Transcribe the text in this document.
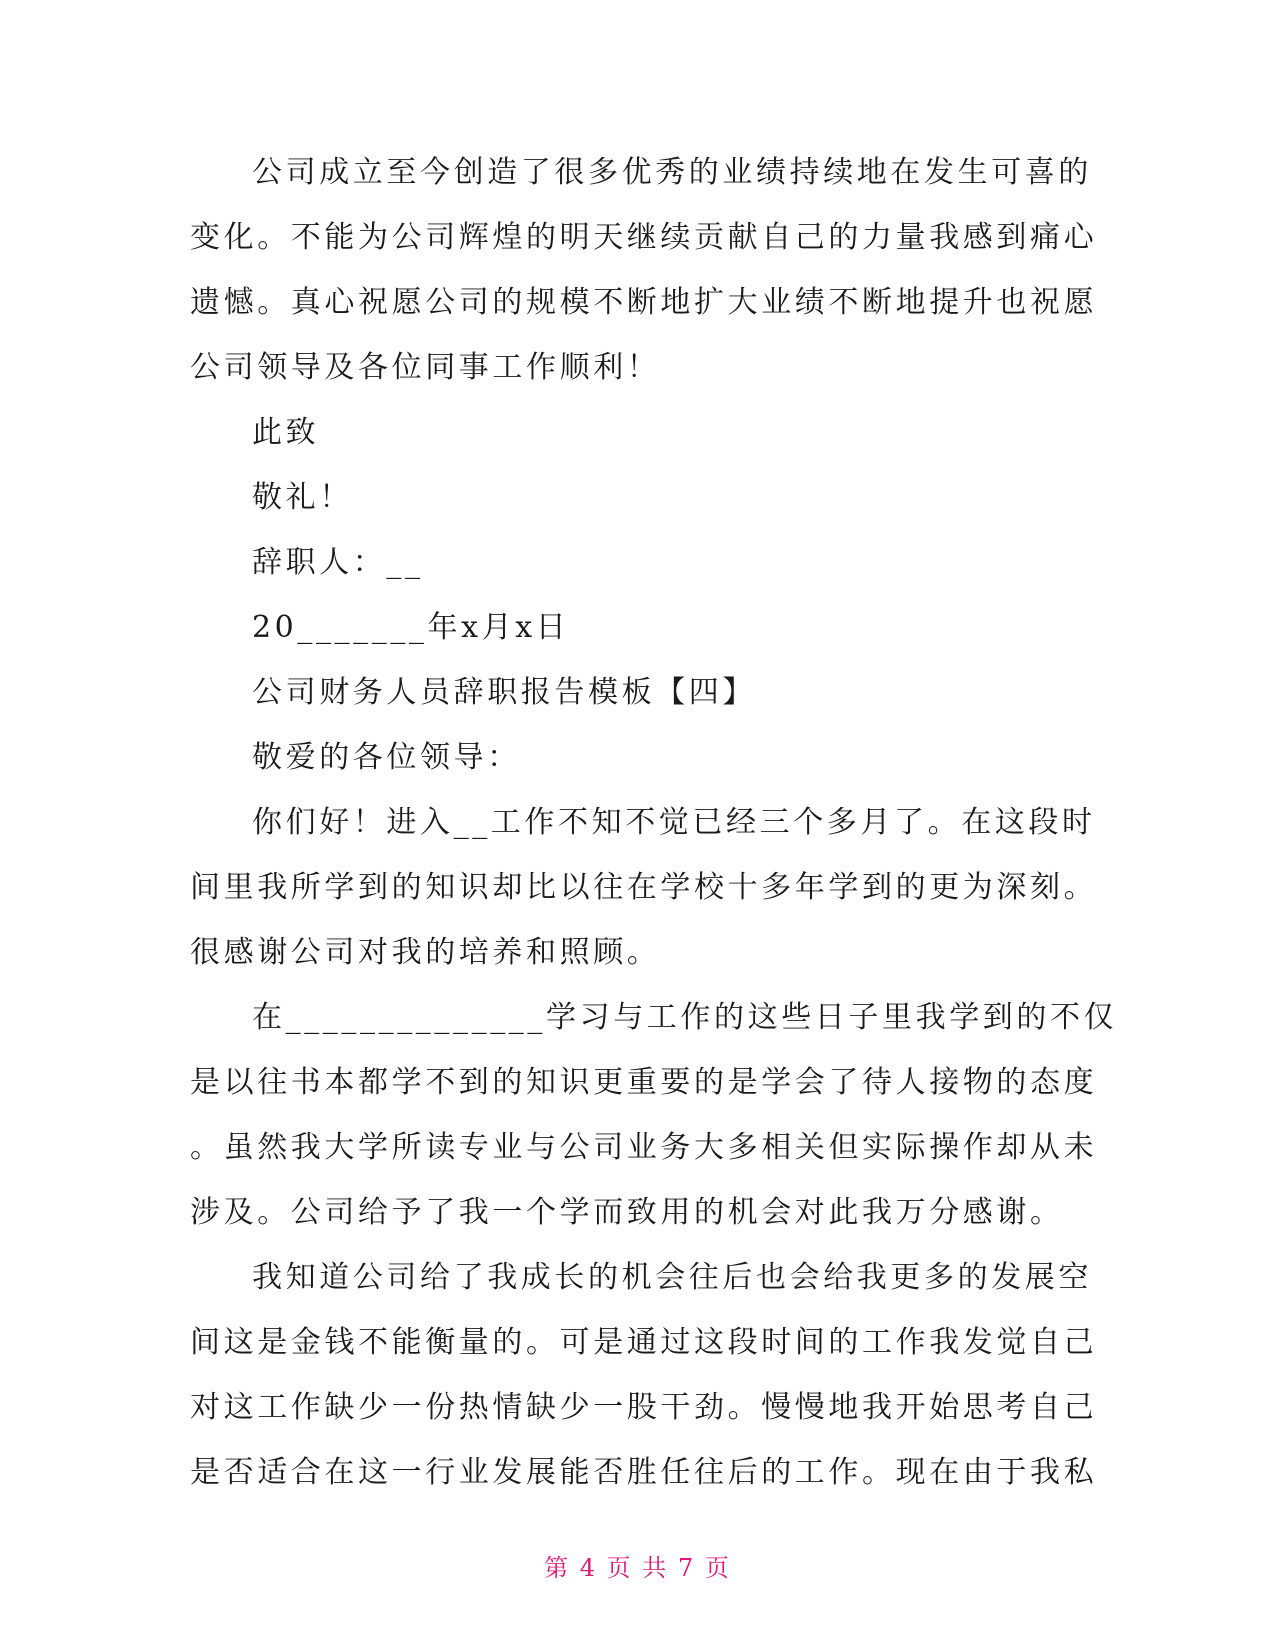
公司成立至今创造了很多优秀的业绩持续地在发生可喜的
变化。不能为公司辉煌的明天继续贡献自己的力量我感到痛心
遗憾。真心祝愿公司的规模不断地扩大业绩不断地提升也祝愿
公司领导及各位同事工作顺利！
此致
敬礼！
辞职人：__
20_______年x月x日
公司财务人员辞职报告模板【四】
敬爱的各位领导：
你们好！进入__工作不知不觉已经三个多月了。在这段时
间里我所学到的知识却比以往在学校十多年学到的更为深刻。
很感谢公司对我的培养和照顾。
在______________学习与工作的这些日子里我学到的不仅
是以往书本都学不到的知识更重要的是学会了待人接物的态度
。虽然我大学所读专业与公司业务大多相关但实际操作却从未
涉及。公司给予了我一个学而致用的机会对此我万分感谢。
我知道公司给了我成长的机会往后也会给我更多的发展空
间这是金钱不能衡量的。可是通过这段时间的工作我发觉自己
对这工作缺少一份热情缺少一股干劲。慢慢地我开始思考自己
是否适合在这一行业发展能否胜任往后的工作。现在由于我私
第 4 页 共 7 页
